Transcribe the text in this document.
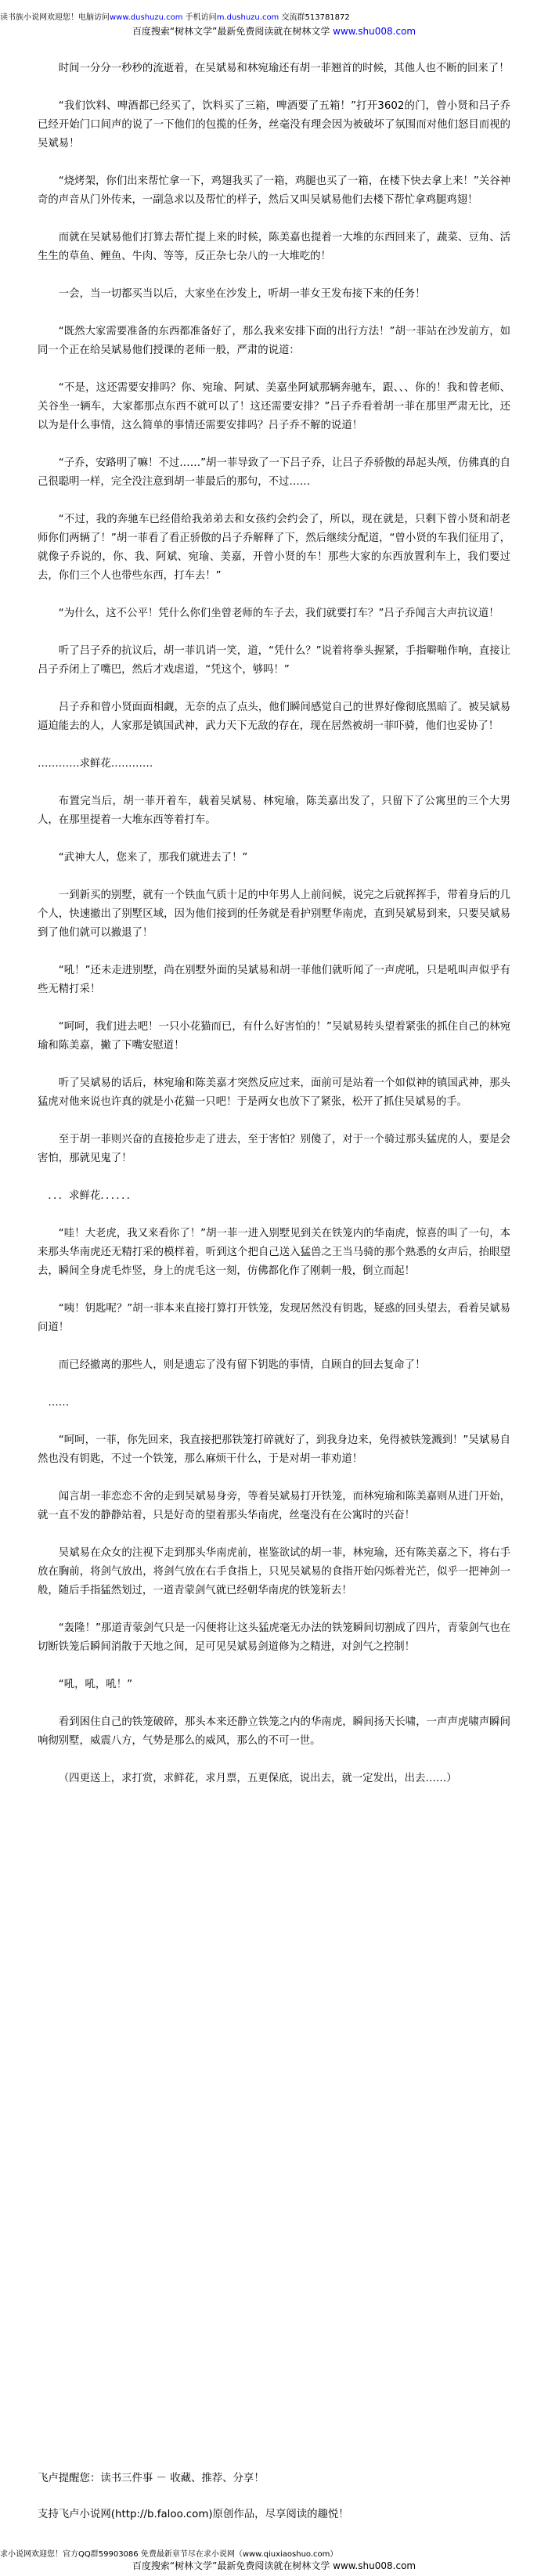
读书族小说网欢迎您！电脑访问www.dushuzu.com 手机访问m.dushuzu.com 交流群513781872
百度搜索“树林文学”最新免费阅读就在树林文学 www.shu008.com

时间一分分一秒秒的流逝着，在吴斌易和林宛瑜还有胡一菲翘首的时候，其他人也不断的回来了！

“我们饮料、啤酒都已经买了，饮料买了三箱，啤酒要了五箱！”打开3602的门，曾小贤和吕子乔已经开始门口间声的说了一下他们的包揽的任务，丝毫没有理会因为被破坏了氛围而对他们怒目而视的吴斌易！

“烧烤架，你们出来帮忙拿一下，鸡翅我买了一箱，鸡腿也买了一箱，在楼下快去拿上来！”关谷神奇的声音从门外传来，一副急求以及帮忙的样子，然后又叫吴斌易他们去楼下帮忙拿鸡腿鸡翅！

而就在吴斌易他们打算去帮忙提上来的时候，陈美嘉也提着一大堆的东西回来了，蔬菜、豆角、活生生的草鱼、鲤鱼、牛肉、等等，反正杂七杂八的一大堆吃的！

一会，当一切都买当以后，大家坐在沙发上，听胡一菲女王发布接下来的任务！

“既然大家需要准备的东西都准备好了，那么我来安排下面的出行方法！”胡一菲站在沙发前方，如同一个正在给吴斌易他们授课的老师一般，严肃的说道：

“不是，这还需要安排吗？你、宛瑜、阿斌、美嘉坐阿斌那辆奔驰车，跟、、、你的！我和曾老师、关谷坐一辆车，大家都那点东西不就可以了！这还需要安排？”吕子乔看着胡一菲在那里严肃无比，还以为是什么事情，这么简单的事情还需要安排吗？吕子乔不解的说道！

“子乔，安路明了嘛！不过……”胡一菲导致了一下吕子乔，让吕子乔骄傲的昂起头颅，仿佛真的自己很聪明一样，完全没注意到胡一菲最后的那句，不过……

“不过，我的奔驰车已经借给我弟弟去和女孩约会约会了，所以，现在就是，只剩下曾小贤和胡老师你们两辆了！”胡一菲看了看正骄傲的吕子乔解释了下，然后继续分配道，“曾小贤的车我们征用了，就像子乔说的，你、我、阿斌、宛瑜、美嘉，开曾小贤的车！那些大家的东西放置利车上，我们要过去，你们三个人也带些东西，打车去！”

“为什么，这不公平！凭什么你们坐曾老师的车子去，我们就要打车？”吕子乔闻言大声抗议道！

听了吕子乔的抗议后，胡一菲讥诮一笑，道，“凭什么？”说着将拳头握紧，手指噼啪作响，直接让吕子乔闭上了嘴巴，然后才戏虐道，“凭这个，够吗！”

吕子乔和曾小贤面面相觑，无奈的点了点头，他们瞬间感觉自己的世界好像彻底黑暗了。被吴斌易逼迫能去的人，人家那是镇国武神，武力天下无敌的存在，现在居然被胡一菲吓骑，他们也妥协了！

…………求鲜花…………

布置完当后，胡一菲开着车，载着吴斌易、林宛瑜，陈美嘉出发了，只留下了公寓里的三个大男人，在那里提着一大堆东西等着打车。

“武神大人，您来了，那我们就进去了！”

一到新买的别墅，就有一个铁血气质十足的中年男人上前问候，说完之后就挥挥手，带着身后的几个人，快速撤出了别墅区域，因为他们接到的任务就是看护别墅华南虎，直到吴斌易到来，只要吴斌易到了他们就可以撤退了！

“吼！”还未走进别墅，尚在别墅外面的吴斌易和胡一菲他们就听闻了一声虎吼，只是吼叫声似乎有些无精打采！

“呵呵，我们进去吧！一只小花猫而已，有什么好害怕的！”吴斌易转头望着紧张的抓住自己的林宛瑜和陈美嘉，撇了下嘴安慰道！

听了吴斌易的话后，林宛瑜和陈美嘉才突然反应过来，面前可是站着一个如似神的镇国武神，那头猛虎对他来说也许真的就是小花猫一只吧！于是两女也放下了紧张，松开了抓住吴斌易的手。

至于胡一菲则兴奋的直接抢步走了进去，至于害怕？别傻了，对于一个骑过那头猛虎的人，要是会害怕，那就见鬼了！

．．．求鲜花．．．．．．

“哇！大老虎，我又来看你了！”胡一菲一进入别墅见到关在铁笼内的华南虎，惊喜的叫了一句，本来那头华南虎还无精打采的模样着，听到这个把自己送入猛兽之王当马骑的那个熟悉的女声后，抬眼望去，瞬间全身虎毛炸竖，身上的虎毛这一刻，仿佛都化作了刚刺一般，倒立而起！

“咦！钥匙呢？”胡一菲本来直接打算打开铁笼，发现居然没有钥匙，疑惑的回头望去，看着吴斌易问道！

而已经撤离的那些人，则是遗忘了没有留下钥匙的事情，自顾自的回去复命了！

……

“呵呵，一菲，你先回来，我直接把那铁笼打碎就好了，到我身边来，免得被铁笼溅到！”吴斌易自然也没有钥匙，不过一个铁笼，那么麻烦干什么，于是对胡一菲劝道！

闻言胡一菲恋恋不舍的走到吴斌易身旁，等着吴斌易打开铁笼，而林宛瑜和陈美嘉则从进门开始，就一直不发的静静站着，只是好奇的望着那头华南虎，丝毫没有在公寓时的兴奋！

吴斌易在众女的注视下走到那头华南虎前，崔鉴欲试的胡一菲，林宛瑜，还有陈美嘉之下，将右手放在胸前，将剑气放出，将剑气放在右手食指上，只见吴斌易的食指开始闪烁着光芒，似乎一把神剑一般，随后手指猛然划过，一道青蒙剑气就已经朝华南虎的铁笼斩去！

“轰隆！”那道青蒙剑气只是一闪便将让这头猛虎毫无办法的铁笼瞬间切割成了四片，青蒙剑气也在切断铁笼后瞬间消散于天地之间，足可见吴斌易剑道修为之精进，对剑气之控制！

“吼，吼，吼！”

看到困住自己的铁笼破碎，那头本来还静立铁笼之内的华南虎，瞬间扬天长啸，一声声虎啸声瞬间响彻别墅，威震八方，气势是那么的威风，那么的不可一世。

（四更送上，求打赏，求鲜花，求月票，五更保底，说出去，就一定发出，出去……）

飞卢提醒您：读书三件事 － 收藏、推荐、分享！
支持飞卢小说网(http://b.faloo.com)原创作品，尽享阅读的趣悦！
求小说网欢迎您！官方QQ群59903086 免费最新章节尽在求小说网（www.qiuxiaoshuo.com）
百度搜索“树林文学”最新免费阅读就在树林文学 www.shu008.com
